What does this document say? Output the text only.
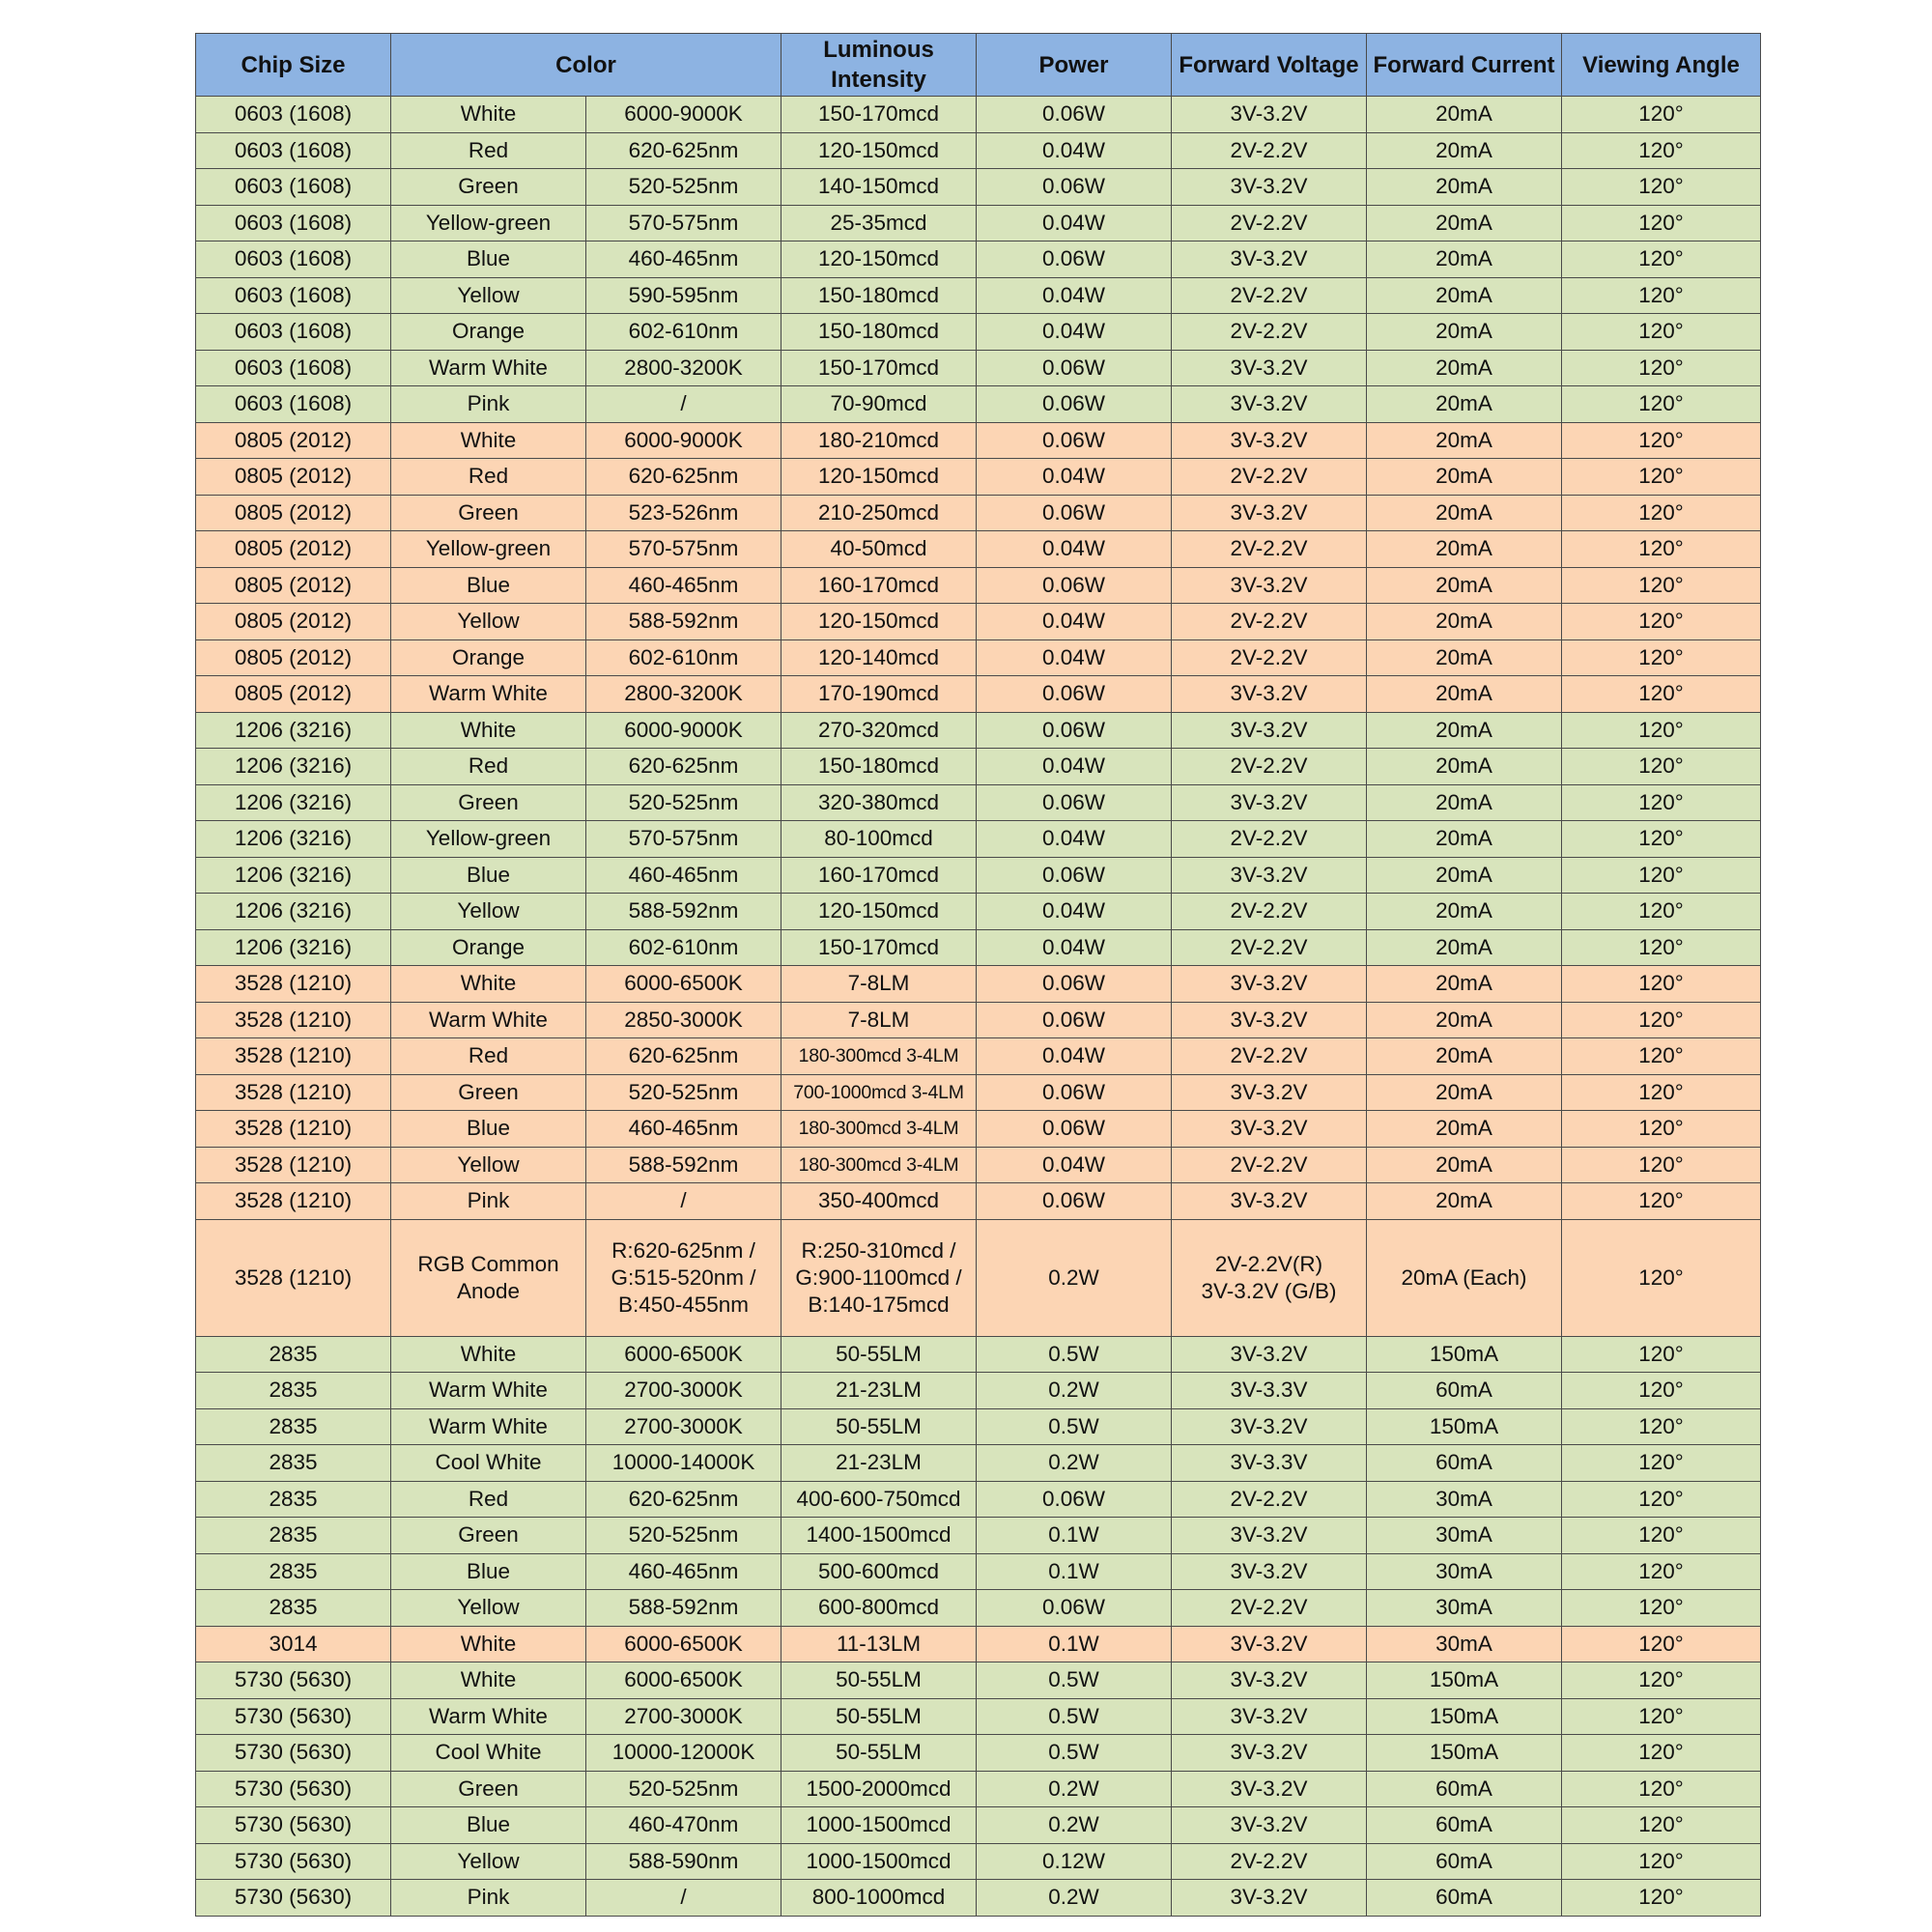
Chip Size	Color		Luminous
Intensity	Power	Forward Voltage	Forward Current	Viewing Angle

0603 (1608)	White	6000-9000K	150-170mcd	0.06W	3V-3.2V	20mA	120°

0603 (1608)	Red	620-625nm	120-150mcd	0.04W	2V-2.2V	20mA	120°

0603 (1608)	Green	520-525nm	140-150mcd	0.06W	3V-3.2V	20mA	120°

0603 (1608)	Yellow-green	570-575nm	25-35mcd	0.04W	2V-2.2V	20mA	120°

0603 (1608)	Blue	460-465nm	120-150mcd	0.06W	3V-3.2V	20mA	120°

0603 (1608)	Yellow	590-595nm	150-180mcd	0.04W	2V-2.2V	20mA	120°

0603 (1608)	Orange	602-610nm	150-180mcd	0.04W	2V-2.2V	20mA	120°

0603 (1608)	Warm White	2800-3200K	150-170mcd	0.06W	3V-3.2V	20mA	120°

0603 (1608)	Pink	/	70-90mcd	0.06W	3V-3.2V	20mA	120°

0805 (2012)	White	6000-9000K	180-210mcd	0.06W	3V-3.2V	20mA	120°

0805 (2012)	Red	620-625nm	120-150mcd	0.04W	2V-2.2V	20mA	120°

0805 (2012)	Green	523-526nm	210-250mcd	0.06W	3V-3.2V	20mA	120°

0805 (2012)	Yellow-green	570-575nm	40-50mcd	0.04W	2V-2.2V	20mA	120°

0805 (2012)	Blue	460-465nm	160-170mcd	0.06W	3V-3.2V	20mA	120°

0805 (2012)	Yellow	588-592nm	120-150mcd	0.04W	2V-2.2V	20mA	120°

0805 (2012)	Orange	602-610nm	120-140mcd	0.04W	2V-2.2V	20mA	120°

0805 (2012)	Warm White	2800-3200K	170-190mcd	0.06W	3V-3.2V	20mA	120°

1206 (3216)	White	6000-9000K	270-320mcd	0.06W	3V-3.2V	20mA	120°

1206 (3216)	Red	620-625nm	150-180mcd	0.04W	2V-2.2V	20mA	120°

1206 (3216)	Green	520-525nm	320-380mcd	0.06W	3V-3.2V	20mA	120°

1206 (3216)	Yellow-green	570-575nm	80-100mcd	0.04W	2V-2.2V	20mA	120°

1206 (3216)	Blue	460-465nm	160-170mcd	0.06W	3V-3.2V	20mA	120°

1206 (3216)	Yellow	588-592nm	120-150mcd	0.04W	2V-2.2V	20mA	120°

1206 (3216)	Orange	602-610nm	150-170mcd	0.04W	2V-2.2V	20mA	120°

3528 (1210)	White	6000-6500K	7-8LM	0.06W	3V-3.2V	20mA	120°

3528 (1210)	Warm White	2850-3000K	7-8LM	0.06W	3V-3.2V	20mA	120°

3528 (1210)	Red	620-625nm	180-300mcd 3-4LM	0.04W	2V-2.2V	20mA	120°

3528 (1210)	Green	520-525nm	700-1000mcd 3-4LM	0.06W	3V-3.2V	20mA	120°

3528 (1210)	Blue	460-465nm	180-300mcd 3-4LM	0.06W	3V-3.2V	20mA	120°

3528 (1210)	Yellow	588-592nm	180-300mcd 3-4LM	0.04W	2V-2.2V	20mA	120°

3528 (1210)	Pink	/	350-400mcd	0.06W	3V-3.2V	20mA	120°

3528 (1210)	RGB Common
Anode	R:620-625nm /
G:515-520nm /
B:450-455nm	R:250-310mcd /
G:900-1100mcd /
B:140-175mcd	0.2W	2V-2.2V(R)
3V-3.2V (G/B)	20mA (Each)	120°

2835	White	6000-6500K	50-55LM	0.5W	3V-3.2V	150mA	120°

2835	Warm White	2700-3000K	21-23LM	0.2W	3V-3.3V	60mA	120°

2835	Warm White	2700-3000K	50-55LM	0.5W	3V-3.2V	150mA	120°

2835	Cool White	10000-14000K	21-23LM	0.2W	3V-3.3V	60mA	120°

2835	Red	620-625nm	400-600-750mcd	0.06W	2V-2.2V	30mA	120°

2835	Green	520-525nm	1400-1500mcd	0.1W	3V-3.2V	30mA	120°

2835	Blue	460-465nm	500-600mcd	0.1W	3V-3.2V	30mA	120°

2835	Yellow	588-592nm	600-800mcd	0.06W	2V-2.2V	30mA	120°

3014	White	6000-6500K	11-13LM	0.1W	3V-3.2V	30mA	120°

5730 (5630)	White	6000-6500K	50-55LM	0.5W	3V-3.2V	150mA	120°

5730 (5630)	Warm White	2700-3000K	50-55LM	0.5W	3V-3.2V	150mA	120°

5730 (5630)	Cool White	10000-12000K	50-55LM	0.5W	3V-3.2V	150mA	120°

5730 (5630)	Green	520-525nm	1500-2000mcd	0.2W	3V-3.2V	60mA	120°

5730 (5630)	Blue	460-470nm	1000-1500mcd	0.2W	3V-3.2V	60mA	120°

5730 (5630)	Yellow	588-590nm	1000-1500mcd	0.12W	2V-2.2V	60mA	120°

5730 (5630)	Pink	/	800-1000mcd	0.2W	3V-3.2V	60mA	120°
